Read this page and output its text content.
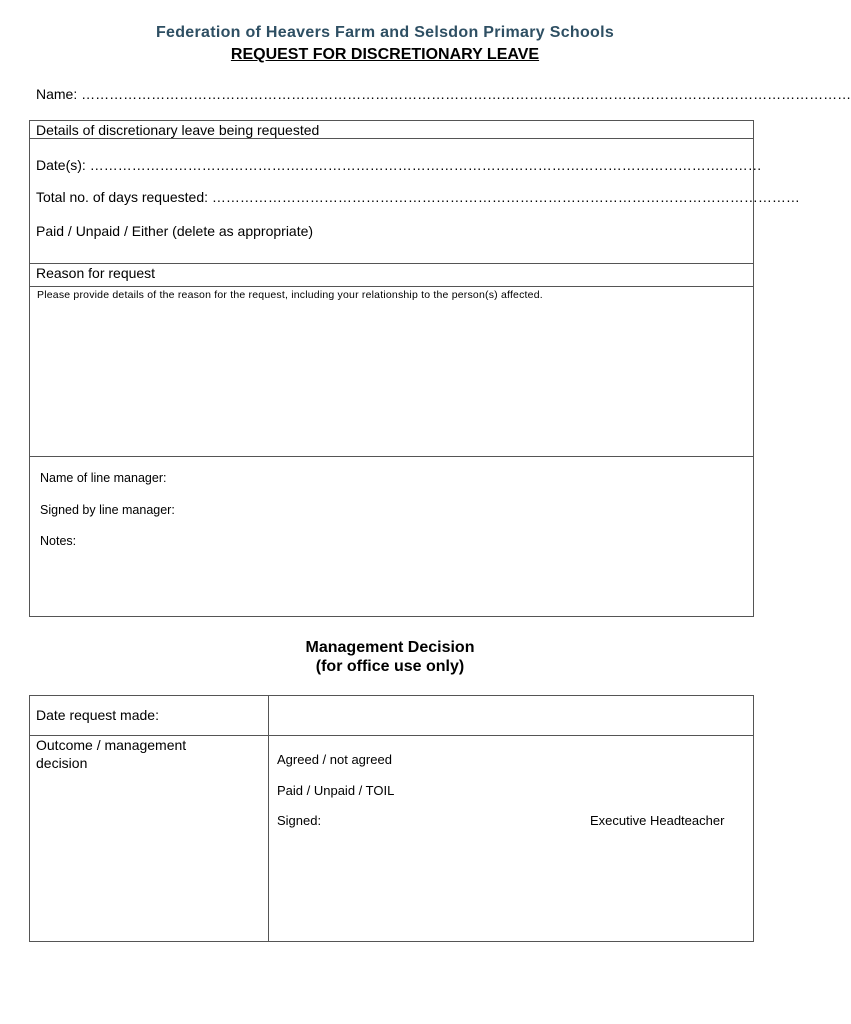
Federation of Heavers Farm and Selsdon Primary Schools
REQUEST FOR DISCRETIONARY LEAVE
Name: …………………………………………………………………………………………………………………………………………………
Details of discretionary leave being requested
Date(s): ………………………………………………………………………………………………………………………………
Total no. of days requested: ………………………………………………………………………………………………………………
Paid / Unpaid / Either (delete as appropriate)
Reason for request
Please provide details of the reason for the request, including your relationship to the person(s) affected.
Name of line manager:
Signed by line manager:
Notes:
Management Decision
(for office use only)
Date request made:
Outcome / management
decision	Agreed / not agreed
Paid / Unpaid / TOIL
Signed:	Executive Headteacher
